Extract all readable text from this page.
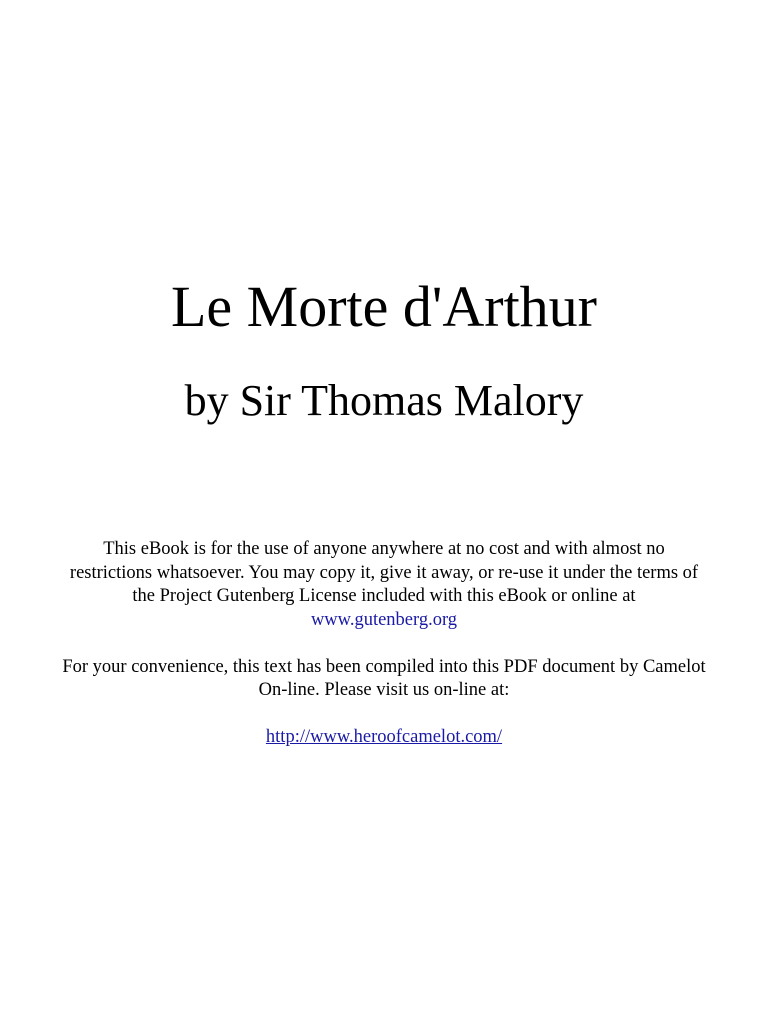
Le Morte d'Arthur
by Sir Thomas Malory

This eBook is for the use of anyone anywhere at no cost and with almost no restrictions whatsoever. You may copy it, give it away, or re-use it under the terms of the Project Gutenberg License included with this eBook or online at
www.gutenberg.org

For your convenience, this text has been compiled into this PDF document by Camelot On-line. Please visit us on-line at:

http://www.heroofcamelot.com/
